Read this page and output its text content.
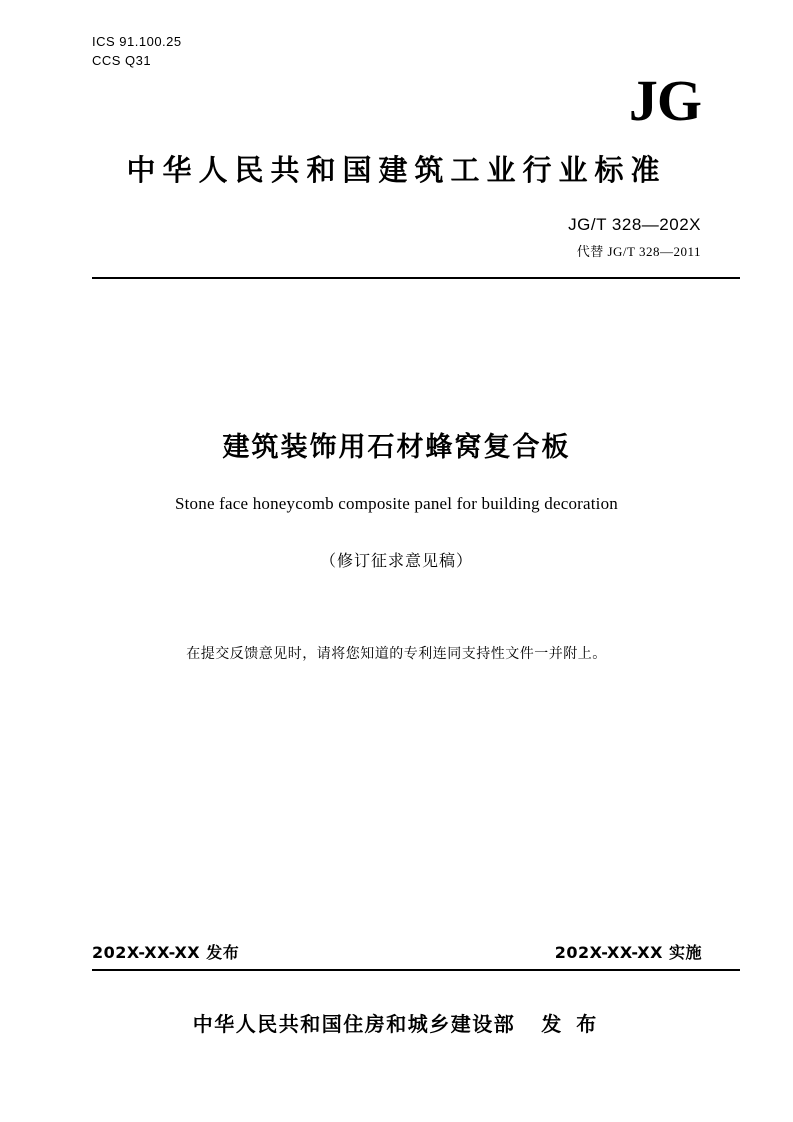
ICS 91.100.25
CCS Q31
JG
中华人民共和国建筑工业行业标准
JG/T 328—202X
代替 JG/T 328—2011
建筑装饰用石材蜂窝复合板
Stone face honeycomb composite panel for building decoration
（修订征求意见稿）
在提交反馈意见时，请将您知道的专利连同支持性文件一并附上。
202X-XX-XX 发布	202X-XX-XX 实施
中华人民共和国住房和城乡建设部 发 布
